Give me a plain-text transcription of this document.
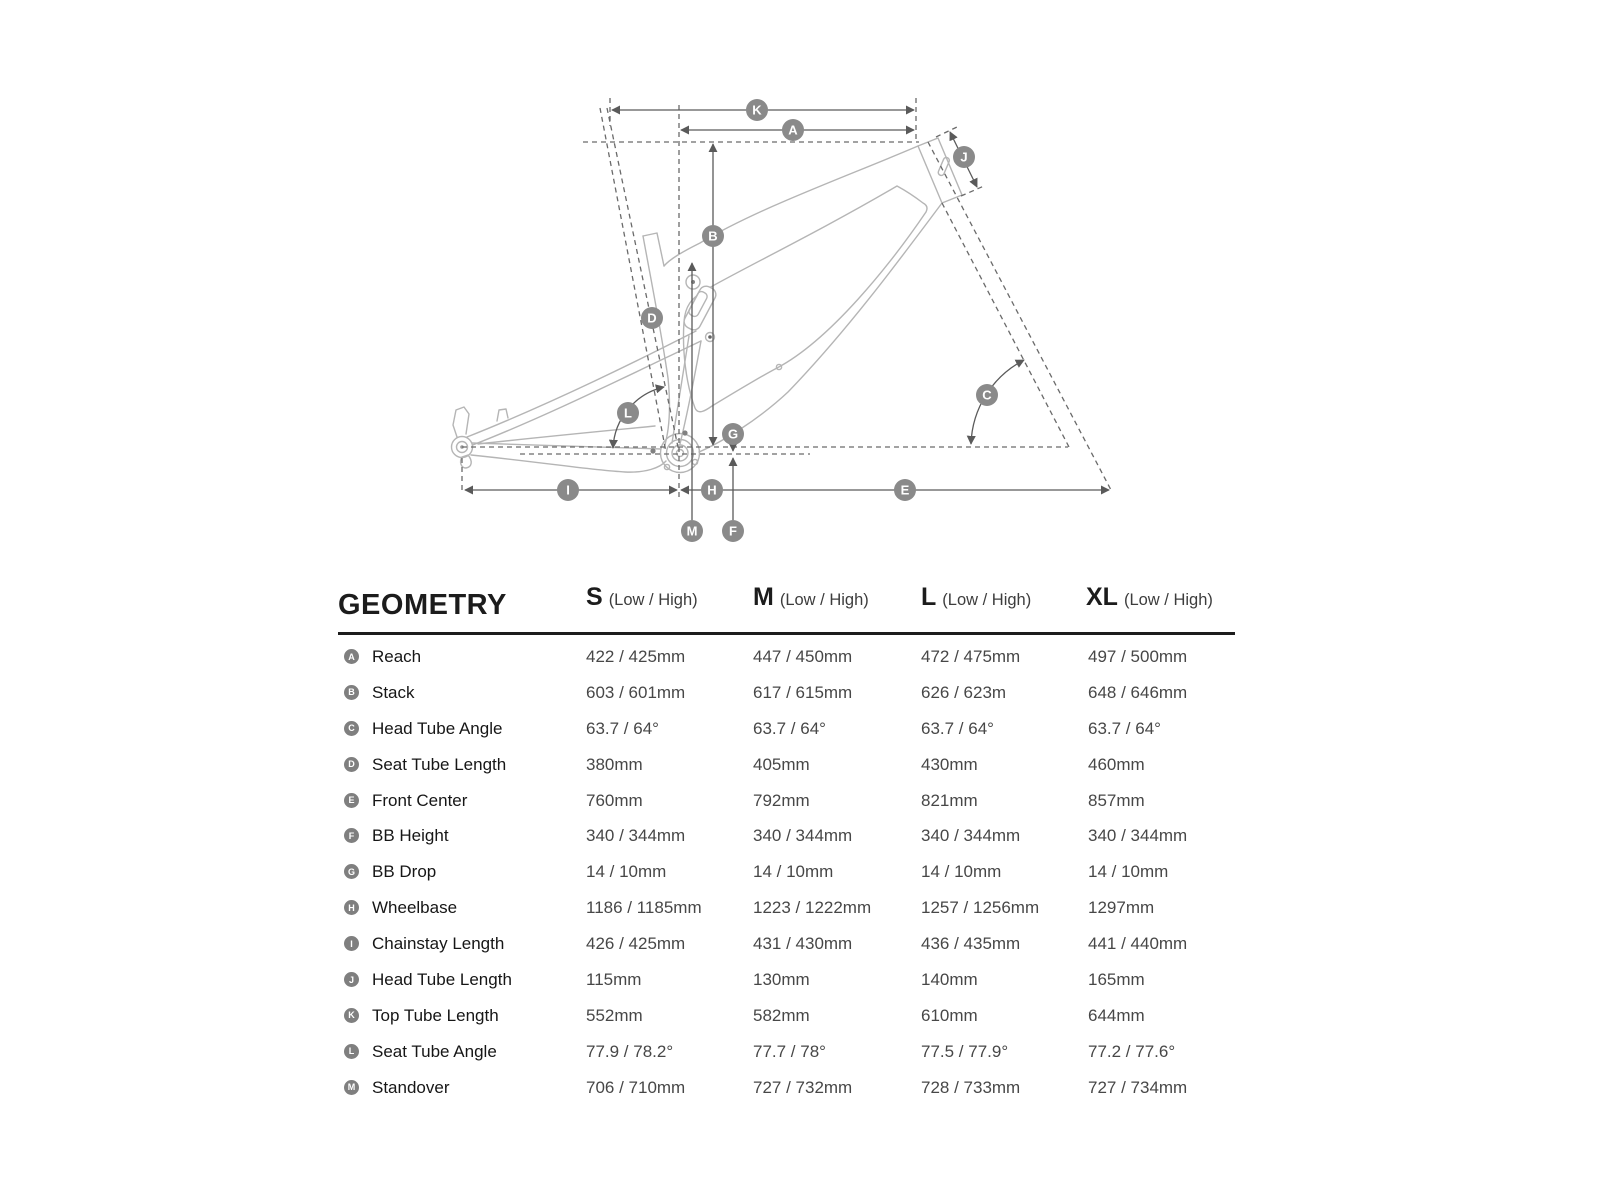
K
A
J
B
D
C
L
G
I	H	E
M F
GEOMETRY	S (Low / High) M (Low / High) L (Low / High) XL (Low / High)
A Reach	422 / 425mm	447 / 450mm	472 / 475mm	497 / 500mm
B Stack	603 / 601mm	617 / 615mm	626 / 623m	648 / 646mm
C Head Tube Angle	63.7 / 64°	63.7 / 64°	63.7 / 64°	63.7 / 64°
D Seat Tube Length	380mm	405mm	430mm	460mm
E Front Center	760mm	792mm	821mm	857mm
F BB Height	340 / 344mm	340 / 344mm	340 / 344mm	340 / 344mm
G BB Drop	14 / 10mm	14 / 10mm	14 / 10mm	14 / 10mm
H Wheelbase	1186 / 1185mm	1223 / 1222mm	1257 / 1256mm	1297mm
I	Chainstay Length	426 / 425mm	431 / 430mm	436 / 435mm	441 / 440mm
J Head Tube Length	115mm	130mm	140mm	165mm
K Top Tube Length	552mm	582mm	610mm	644mm
L Seat Tube Angle	77.9 / 78.2°	77.7 / 78°	77.5 / 77.9°	77.2 / 77.6°
M Standover	706 / 710mm	727 / 732mm	728 / 733mm	727 / 734mm
